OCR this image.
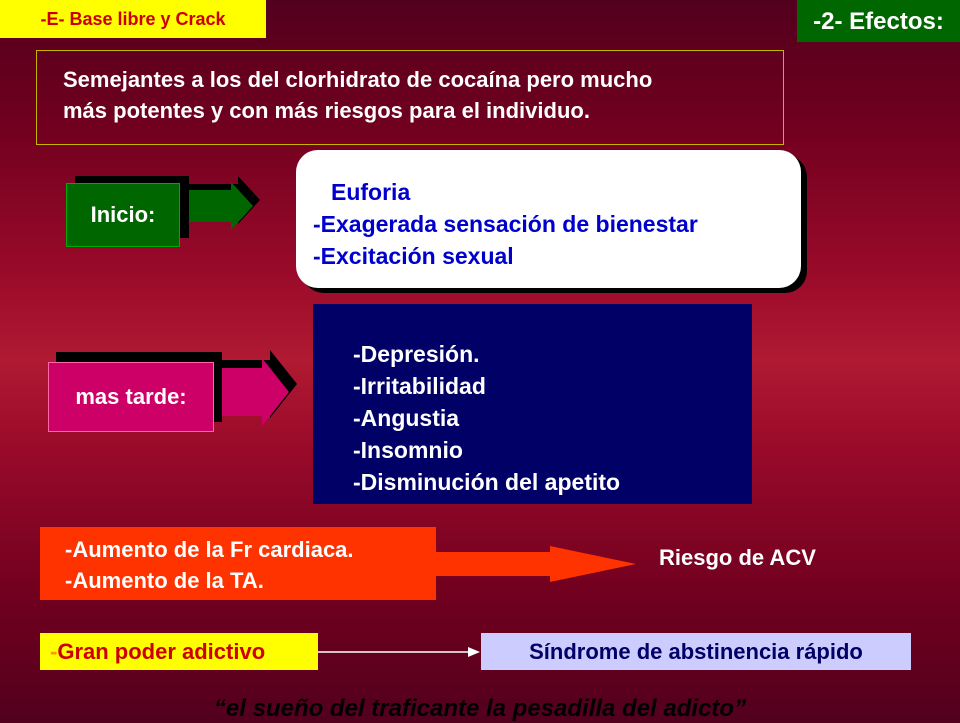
-E- Base libre y Crack	-2- Efectos:
Semejantes a los del clorhidrato de cocaína pero mucho
más potentes y con más riesgos para el individuo.
Inicio:
Euforia
-Exagerada sensación de bienestar
-Excitación sexual
mas tarde:
-Depresión.
-Irritabilidad
-Angustia
-Insomnio
-Disminución del apetito
-Aumento de la Fr cardiaca.
-Aumento de la TA.
Riesgo de ACV
-Gran poder adictivo	Síndrome de abstinencia rápido
“el sueño del traficante la pesadilla del adicto”
